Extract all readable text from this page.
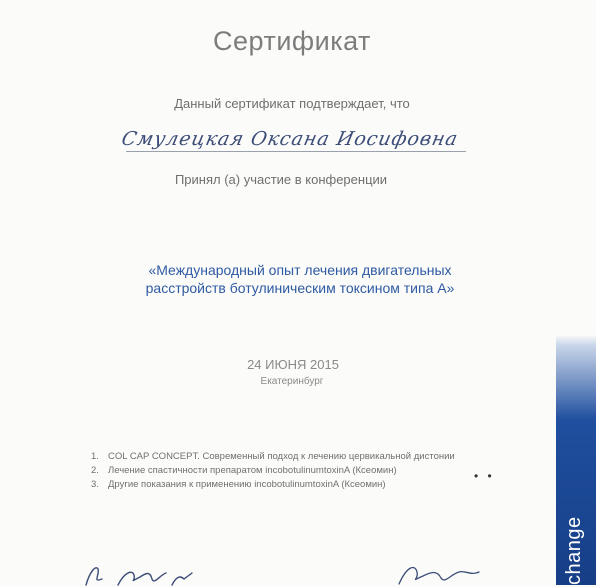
change
Сертификат
Данный сертификат подтверждает, что
Смулецкая Оксана Иосифовна
Принял (а) участие в конференции
«Международный опыт лечения двигательных
расстройств ботулиническим токсином типа А»
24 ИЮНЯ 2015
Екатеринбург
1. COL CAP CONCEPT. Современный подход к лечению цервикальной дистонии
2. Лечение спастичности препаратом incobotulinumtoxinA (Ксеомин)
3. Другие показания к применению incobotulinumtoxinA (Ксеомин)
• •
